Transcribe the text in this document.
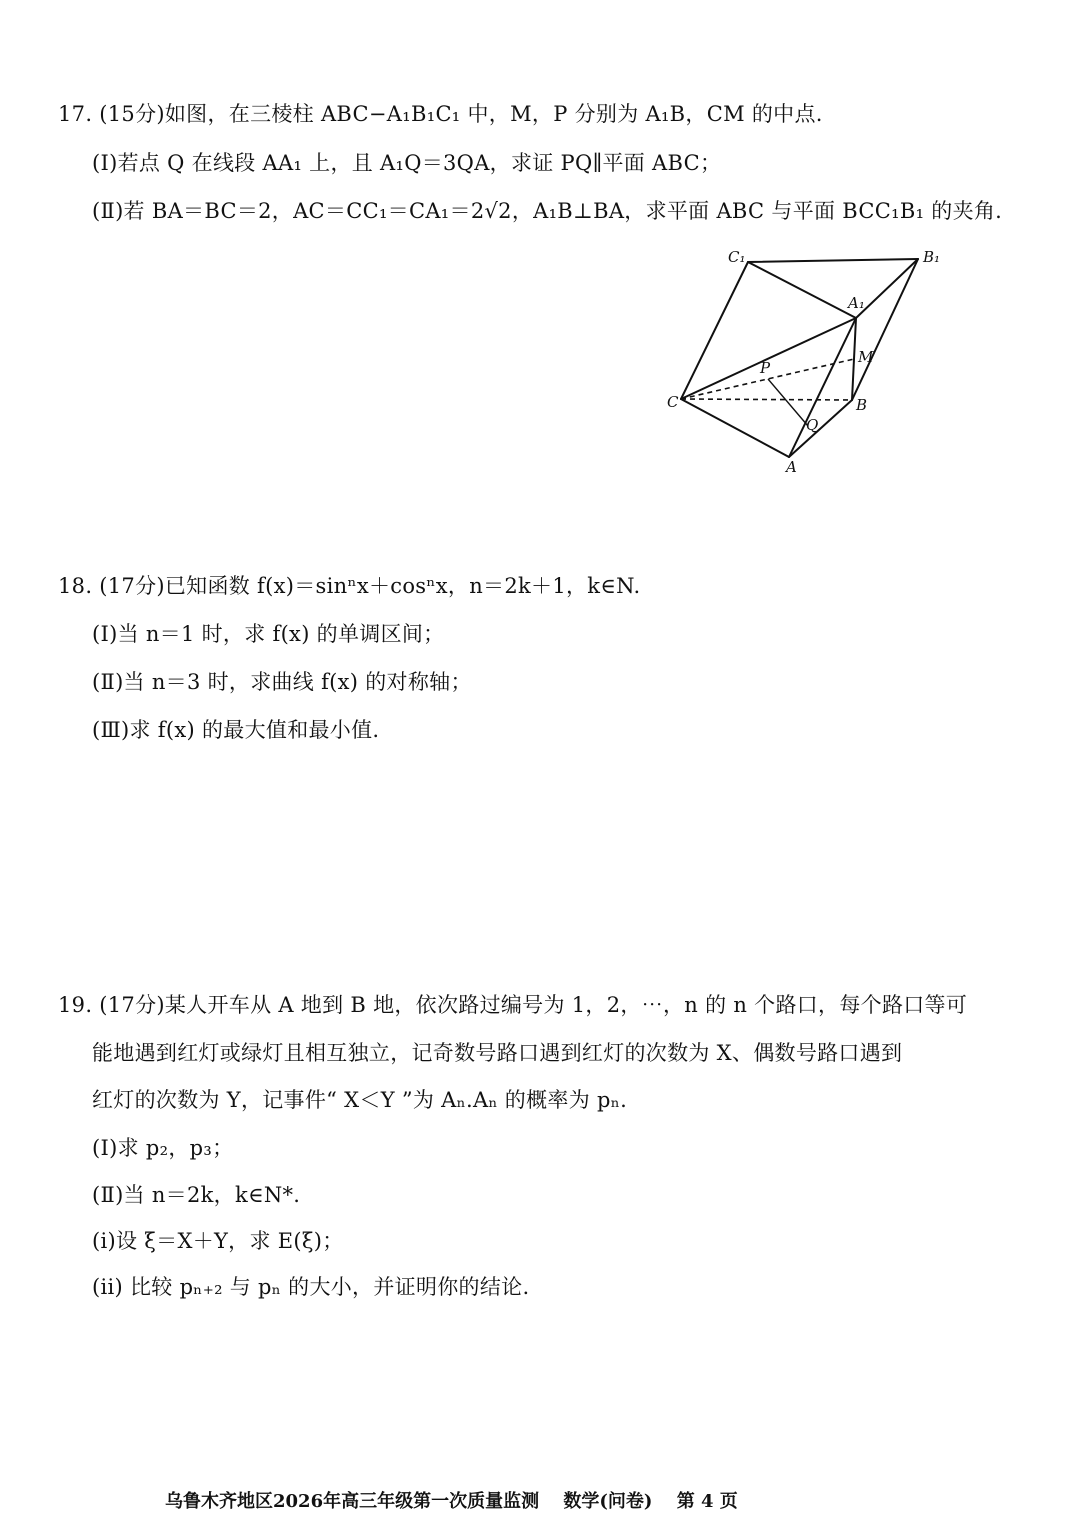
17. (15分)如图，在三棱柱 ABC−A₁B₁C₁ 中，M，P 分别为 A₁B，CM 的中点.
(Ⅰ)若点 Q 在线段 AA₁ 上，且 A₁Q＝3QA，求证 PQ∥平面 ABC；
(Ⅱ)若 BA＝BC＝2，AC＝CC₁＝CA₁＝2√2，A₁B⊥BA，求平面 ABC 与平面 BCC₁B₁ 的夹角.
C₁	B₁
A₁
M
P
C	B
Q
A
18. (17分)已知函数 f(x)＝sinⁿx＋cosⁿx，n＝2k＋1，k∈N.
(Ⅰ)当 n＝1 时，求 f(x) 的单调区间；
(Ⅱ)当 n＝3 时，求曲线 f(x) 的对称轴；
(Ⅲ)求 f(x) 的最大值和最小值.
19. (17分)某人开车从 A 地到 B 地，依次路过编号为 1，2，⋯，n 的 n 个路口，每个路口等可
能地遇到红灯或绿灯且相互独立，记奇数号路口遇到红灯的次数为 X、偶数号路口遇到
红灯的次数为 Y，记事件“ X＜Y ”为 Aₙ.Aₙ 的概率为 pₙ.
(Ⅰ)求 p₂，p₃；
(Ⅱ)当 n＝2k，k∈N*.
(i)设 ξ＝X＋Y，求 E(ξ)；
(ii) 比较 pₙ₊₂ 与 pₙ 的大小，并证明你的结论.
乌鲁木齐地区2026年高三年级第一次质量监测 数学(问卷) 第 4 页
